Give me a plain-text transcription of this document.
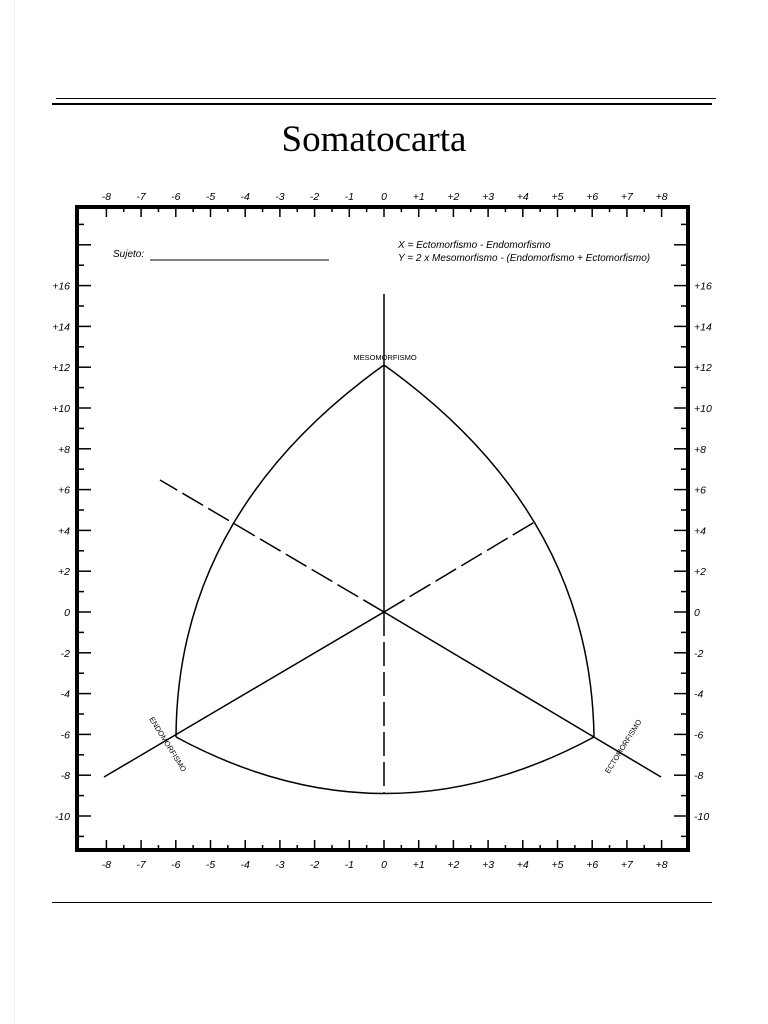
Somatocarta
-8
-8
-7
-7
-6
-6
-5
-5
-4
-4
-3
-3
-2
-2
-1
-1
0
0
+1
+1
+2
+2
+3
+3
+4
+4
+5
+5
+6
+6
+7
+7
+8
+8
+16	+16
+14	+14
+12	+12
+10	+10
+8	+8
+6	+6
+4	+4
+2	+2
0	0
-2	-2
-4	-4
-6	-6
-8	-8
-10	-10
Sujeto:
X = Ectomorfismo - Endomorfismo
Y = 2 x Mesomorfismo - (Endomorfismo + Ectomorfismo)
MESOMORFISMO
ENDOMORFISMO	ECTOMORFISMO
